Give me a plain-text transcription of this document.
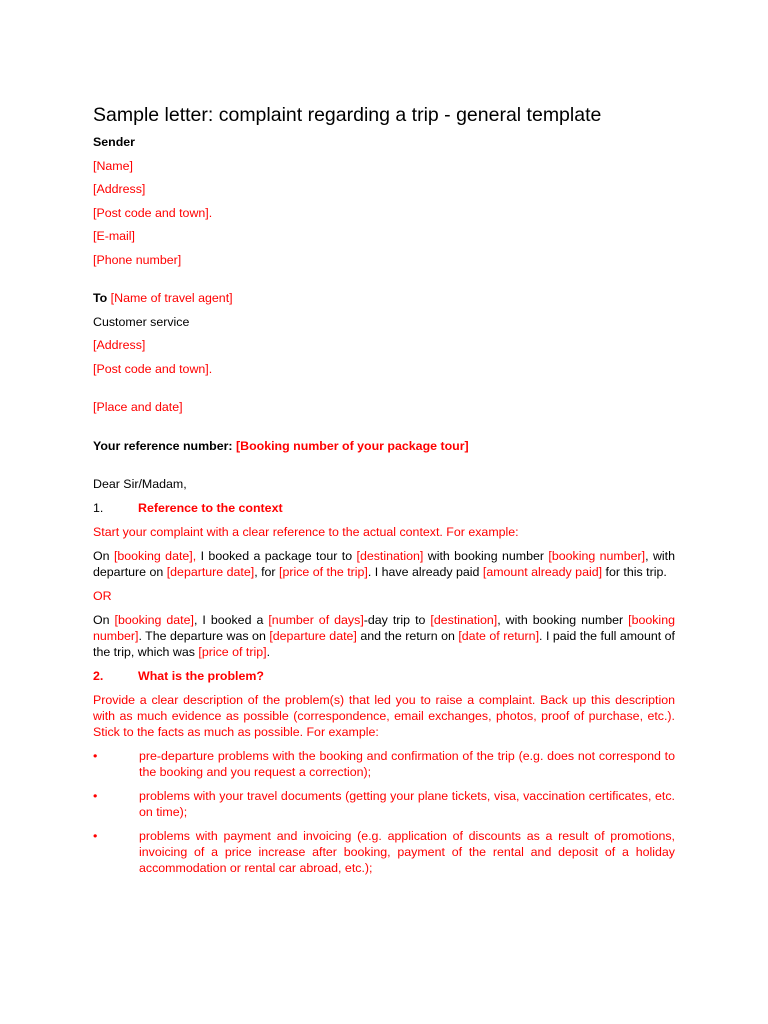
Sample letter: complaint regarding a trip - general template
Sender
[Name]
[Address]
[Post code and town].
[E-mail]
[Phone number]
To [Name of travel agent]
Customer service
[Address]
[Post code and town].
[Place and date]
Your reference number: [Booking number of your package tour]
Dear Sir/Madam,
1.	Reference to the context
Start your complaint with a clear reference to the actual context. For example:
On [booking date], I booked a package tour to [destination] with booking number [booking number], with departure on [departure date], for [price of the trip]. I have already paid [amount already paid] for this trip.
OR
On [booking date], I booked a [number of days]-day trip to [destination], with booking number [booking number]. The departure was on [departure date] and the return on [date of return]. I paid the full amount of the trip, which was [price of trip].
2.	What is the problem?
Provide a clear description of the problem(s) that led you to raise a complaint. Back up this description with as much evidence as possible (correspondence, email exchanges, photos, proof of purchase, etc.). Stick to the facts as much as possible. For example:
•	pre-departure problems with the booking and confirmation of the trip (e.g. does not correspond to the booking and you request a correction);
•	problems with your travel documents (getting your plane tickets, visa, vaccination certificates, etc. on time);
•	problems with payment and invoicing (e.g. application of discounts as a result of promotions, invoicing of a price increase after booking, payment of the rental and deposit of a holiday accommodation or rental car abroad, etc.);
